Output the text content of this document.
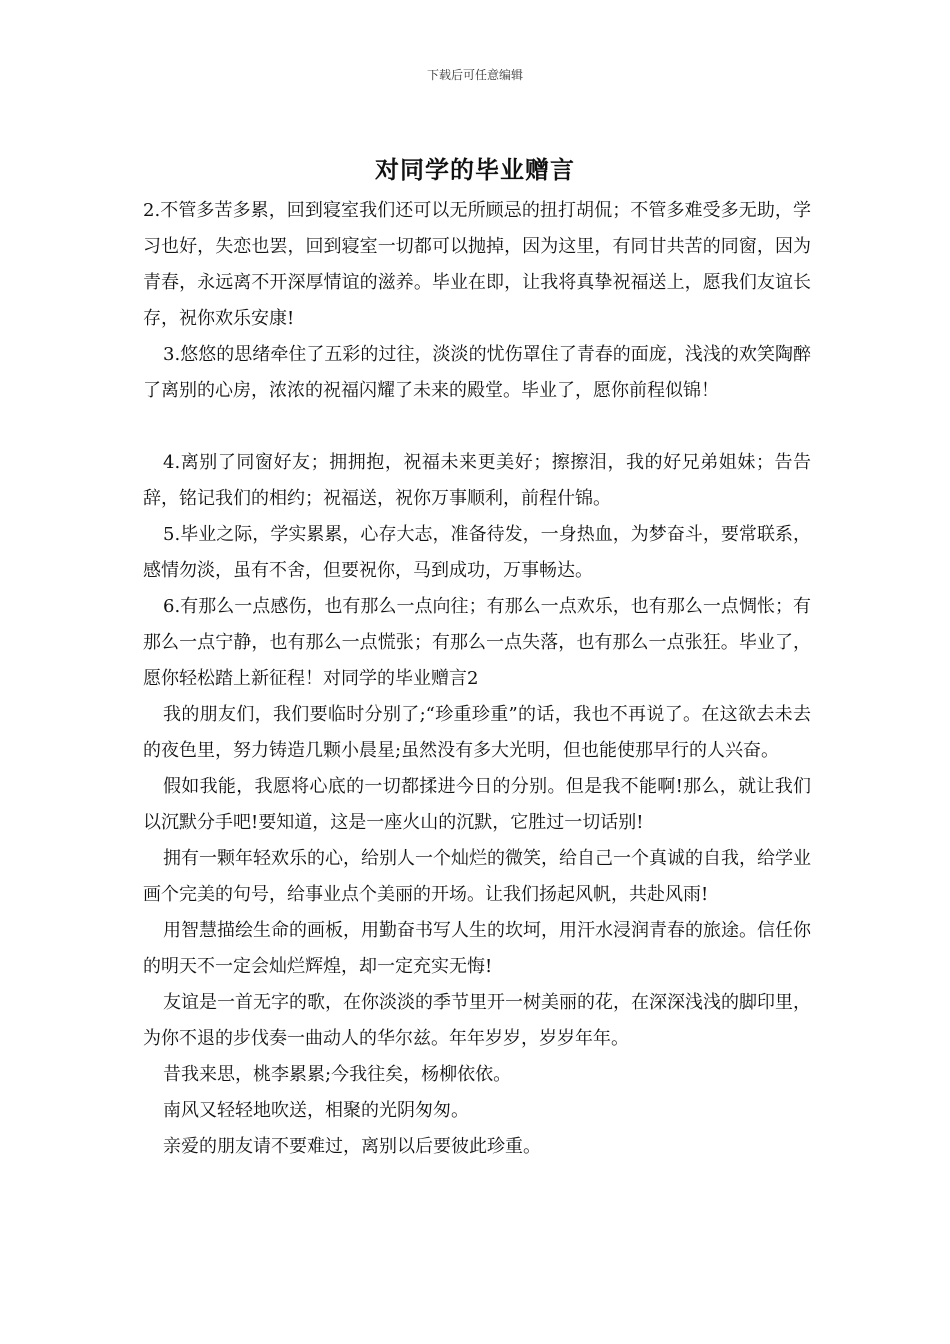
下载后可任意编辑
对同学的毕业赠言

2.不管多苦多累，回到寝室我们还可以无所顾忌的扭打胡侃；不管多难受多无助，学习也好，失恋也罢，回到寝室一切都可以抛掉，因为这里，有同甘共苦的同窗，因为青春，永远离不开深厚情谊的滋养。毕业在即，让我将真挚祝福送上，愿我们友谊长存，祝你欢乐安康!

3.悠悠的思绪牵住了五彩的过往，淡淡的忧伤罩住了青春的面庞，浅浅的欢笑陶醉了离别的心房，浓浓的祝福闪耀了未来的殿堂。毕业了，愿你前程似锦！

4.离别了同窗好友；拥拥抱，祝福未来更美好；擦擦泪，我的好兄弟姐妹；告告辞，铭记我们的相约；祝福送，祝你万事顺利，前程什锦。

5.毕业之际，学实累累，心存大志，准备待发，一身热血，为梦奋斗，要常联系，感情勿淡，虽有不舍，但要祝你，马到成功，万事畅达。

6.有那么一点感伤，也有那么一点向往；有那么一点欢乐，也有那么一点惆怅；有那么一点宁静，也有那么一点慌张；有那么一点失落，也有那么一点张狂。毕业了，愿你轻松踏上新征程！对同学的毕业赠言2

我的朋友们，我们要临时分别了;“珍重珍重”的话，我也不再说了。在这欲去未去的夜色里，努力铸造几颗小晨星;虽然没有多大光明，但也能使那早行的人兴奋。

假如我能，我愿将心底的一切都揉进今日的分别。但是我不能啊!那么，就让我们以沉默分手吧!要知道，这是一座火山的沉默，它胜过一切话别!

拥有一颗年轻欢乐的心，给别人一个灿烂的微笑，给自己一个真诚的自我，给学业画个完美的句号，给事业点个美丽的开场。让我们扬起风帆，共赴风雨!

用智慧描绘生命的画板，用勤奋书写人生的坎坷，用汗水浸润青春的旅途。信任你的明天不一定会灿烂辉煌，却一定充实无悔!

友谊是一首无字的歌，在你淡淡的季节里开一树美丽的花，在深深浅浅的脚印里，为你不退的步伐奏一曲动人的华尔兹。年年岁岁，岁岁年年。

昔我来思，桃李累累;今我往矣，杨柳依依。

南风又轻轻地吹送，相聚的光阴匆匆。

亲爱的朋友请不要难过，离别以后要彼此珍重。
